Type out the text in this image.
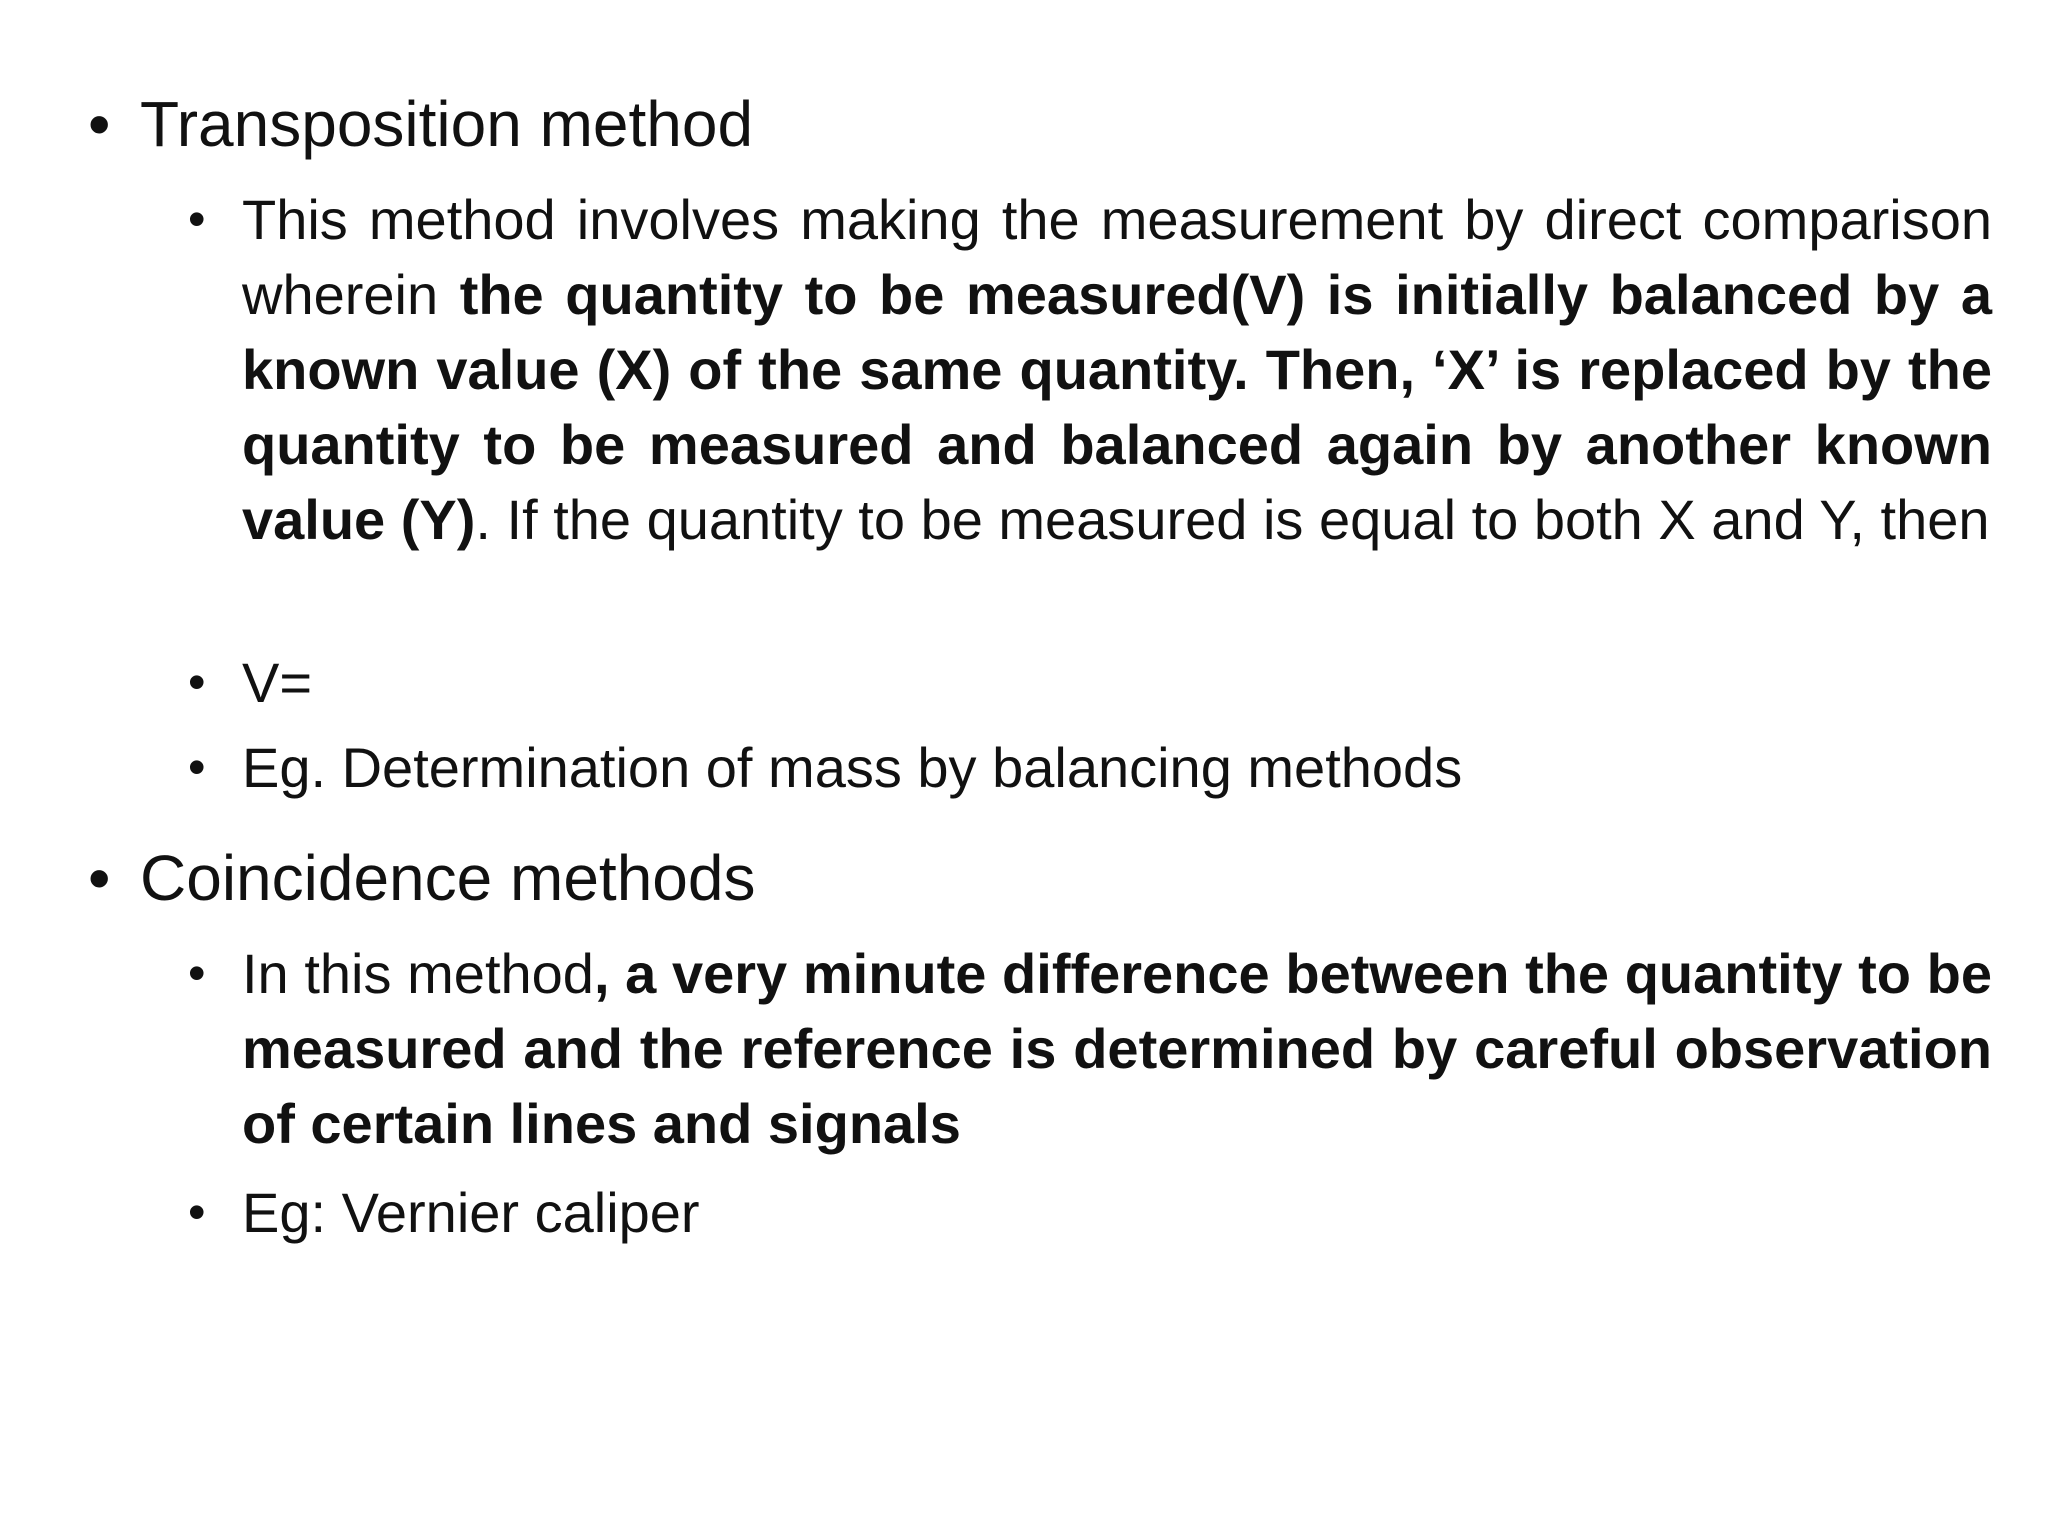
• Transposition method
• This method involves making the measurement by direct comparison wherein the quantity to be measured(V) is initially balanced by a known value (X) of the same quantity. Then, ‘X’ is replaced by the quantity to be measured and balanced again by another known value (Y). If the quantity to be measured is equal to both X and Y, then
• V=
• Eg. Determination of mass by balancing methods
• Coincidence methods
• In this method, a very minute difference between the quantity to be measured and the reference is determined by careful observation of certain lines and signals
• Eg: Vernier caliper
